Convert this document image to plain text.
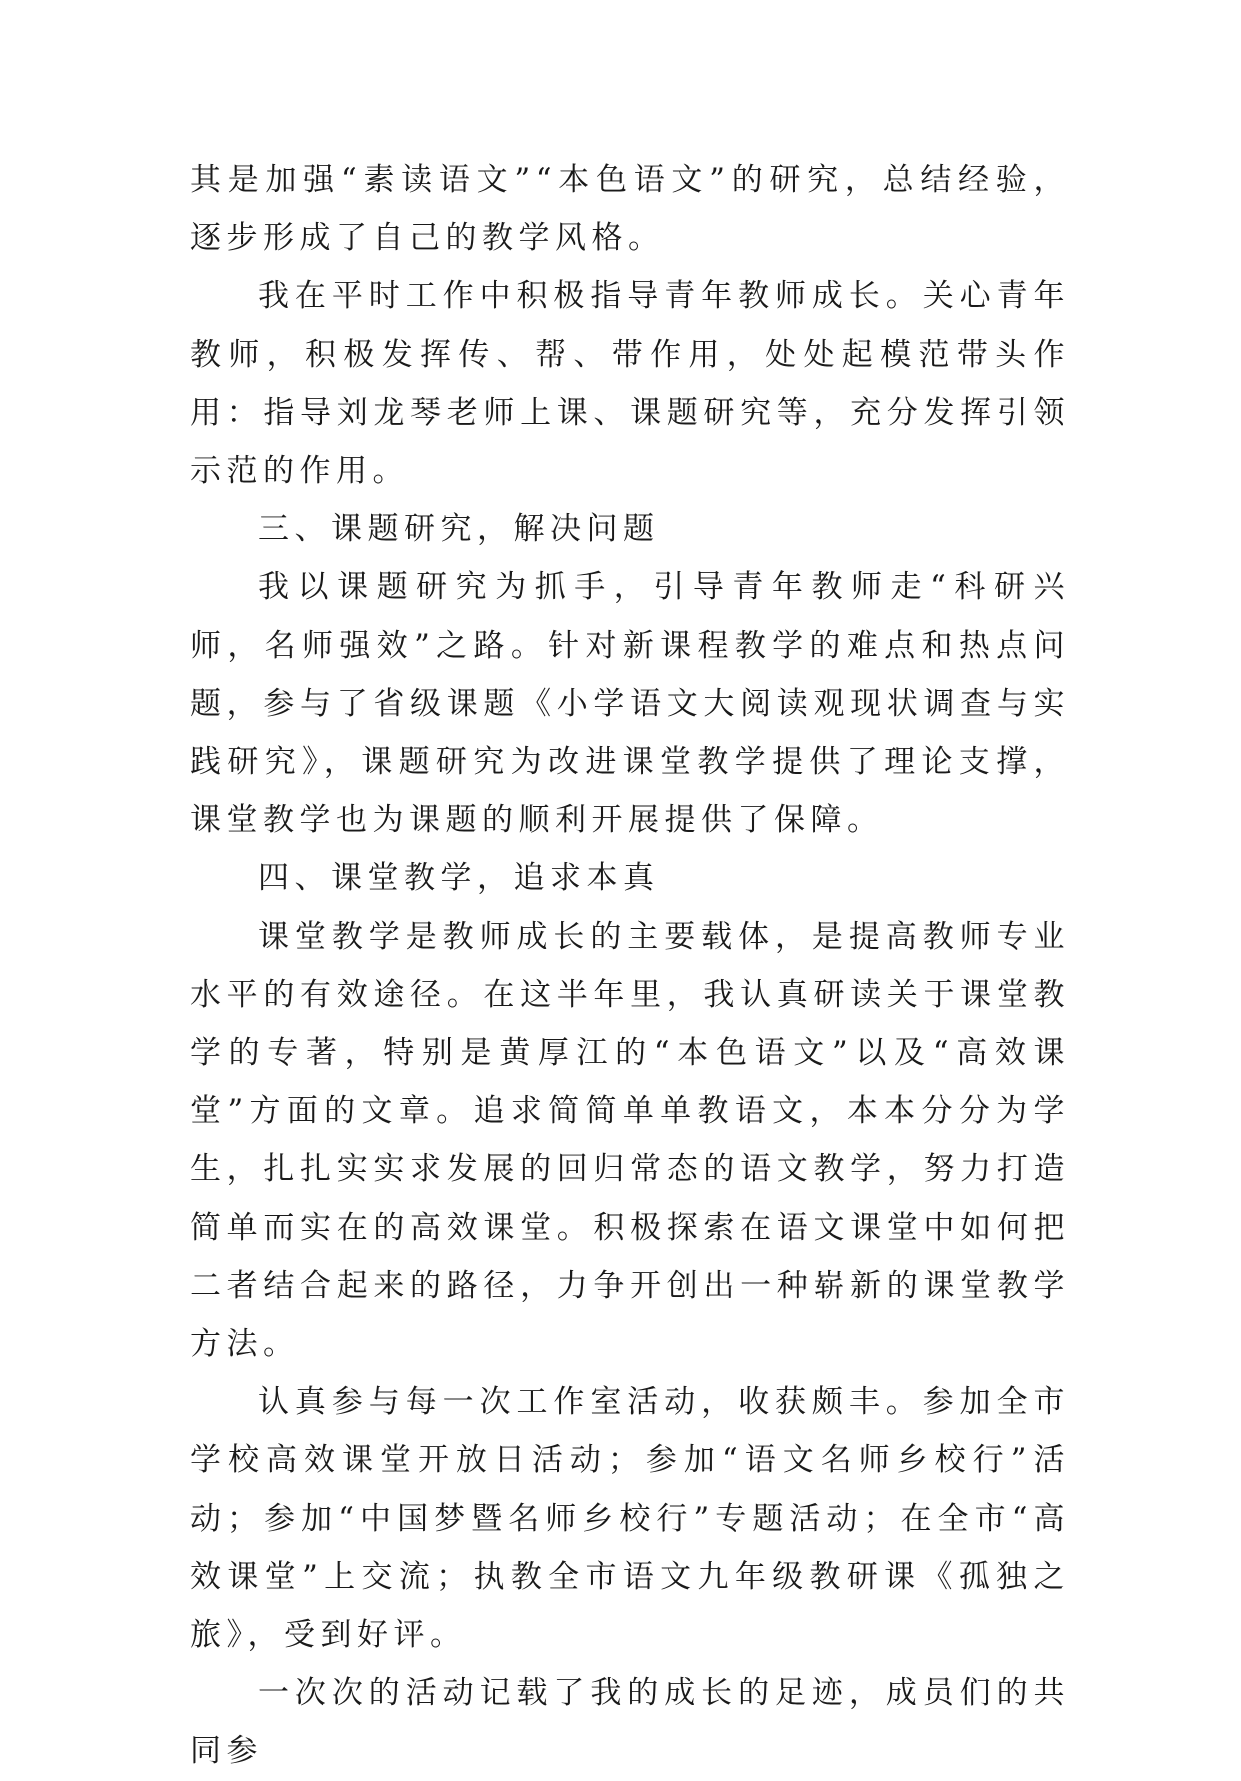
其是加强“素读语文”“本色语文”的研究，总结经验，逐步形成了自己的教学风格。

我在平时工作中积极指导青年教师成长。关心青年教师，积极发挥传、帮、带作用，处处起模范带头作用：指导刘龙琴老师上课、课题研究等，充分发挥引领示范的作用。

三、课题研究，解决问题

我以课题研究为抓手，引导青年教师走“科研兴师，名师强效”之路。针对新课程教学的难点和热点问题，参与了省级课题《小学语文大阅读观现状调查与实践研究》，课题研究为改进课堂教学提供了理论支撑，课堂教学也为课题的顺利开展提供了保障。

四、课堂教学，追求本真

课堂教学是教师成长的主要载体，是提高教师专业水平的有效途径。在这半年里，我认真研读关于课堂教学的专著，特别是黄厚江的“本色语文”以及“高效课堂”方面的文章。追求简简单单教语文，本本分分为学生，扎扎实实求发展的回归常态的语文教学，努力打造简单而实在的高效课堂。积极探索在语文课堂中如何把二者结合起来的路径，力争开创出一种崭新的课堂教学方法。

认真参与每一次工作室活动，收获颇丰。参加全市学校高效课堂开放日活动；参加“语文名师乡校行”活动；参加“中国梦暨名师乡校行”专题活动；在全市“高效课堂”上交流；执教全市语文九年级教研课《孤独之旅》，受到好评。

一次次的活动记载了我的成长的足迹，成员们的共同参
